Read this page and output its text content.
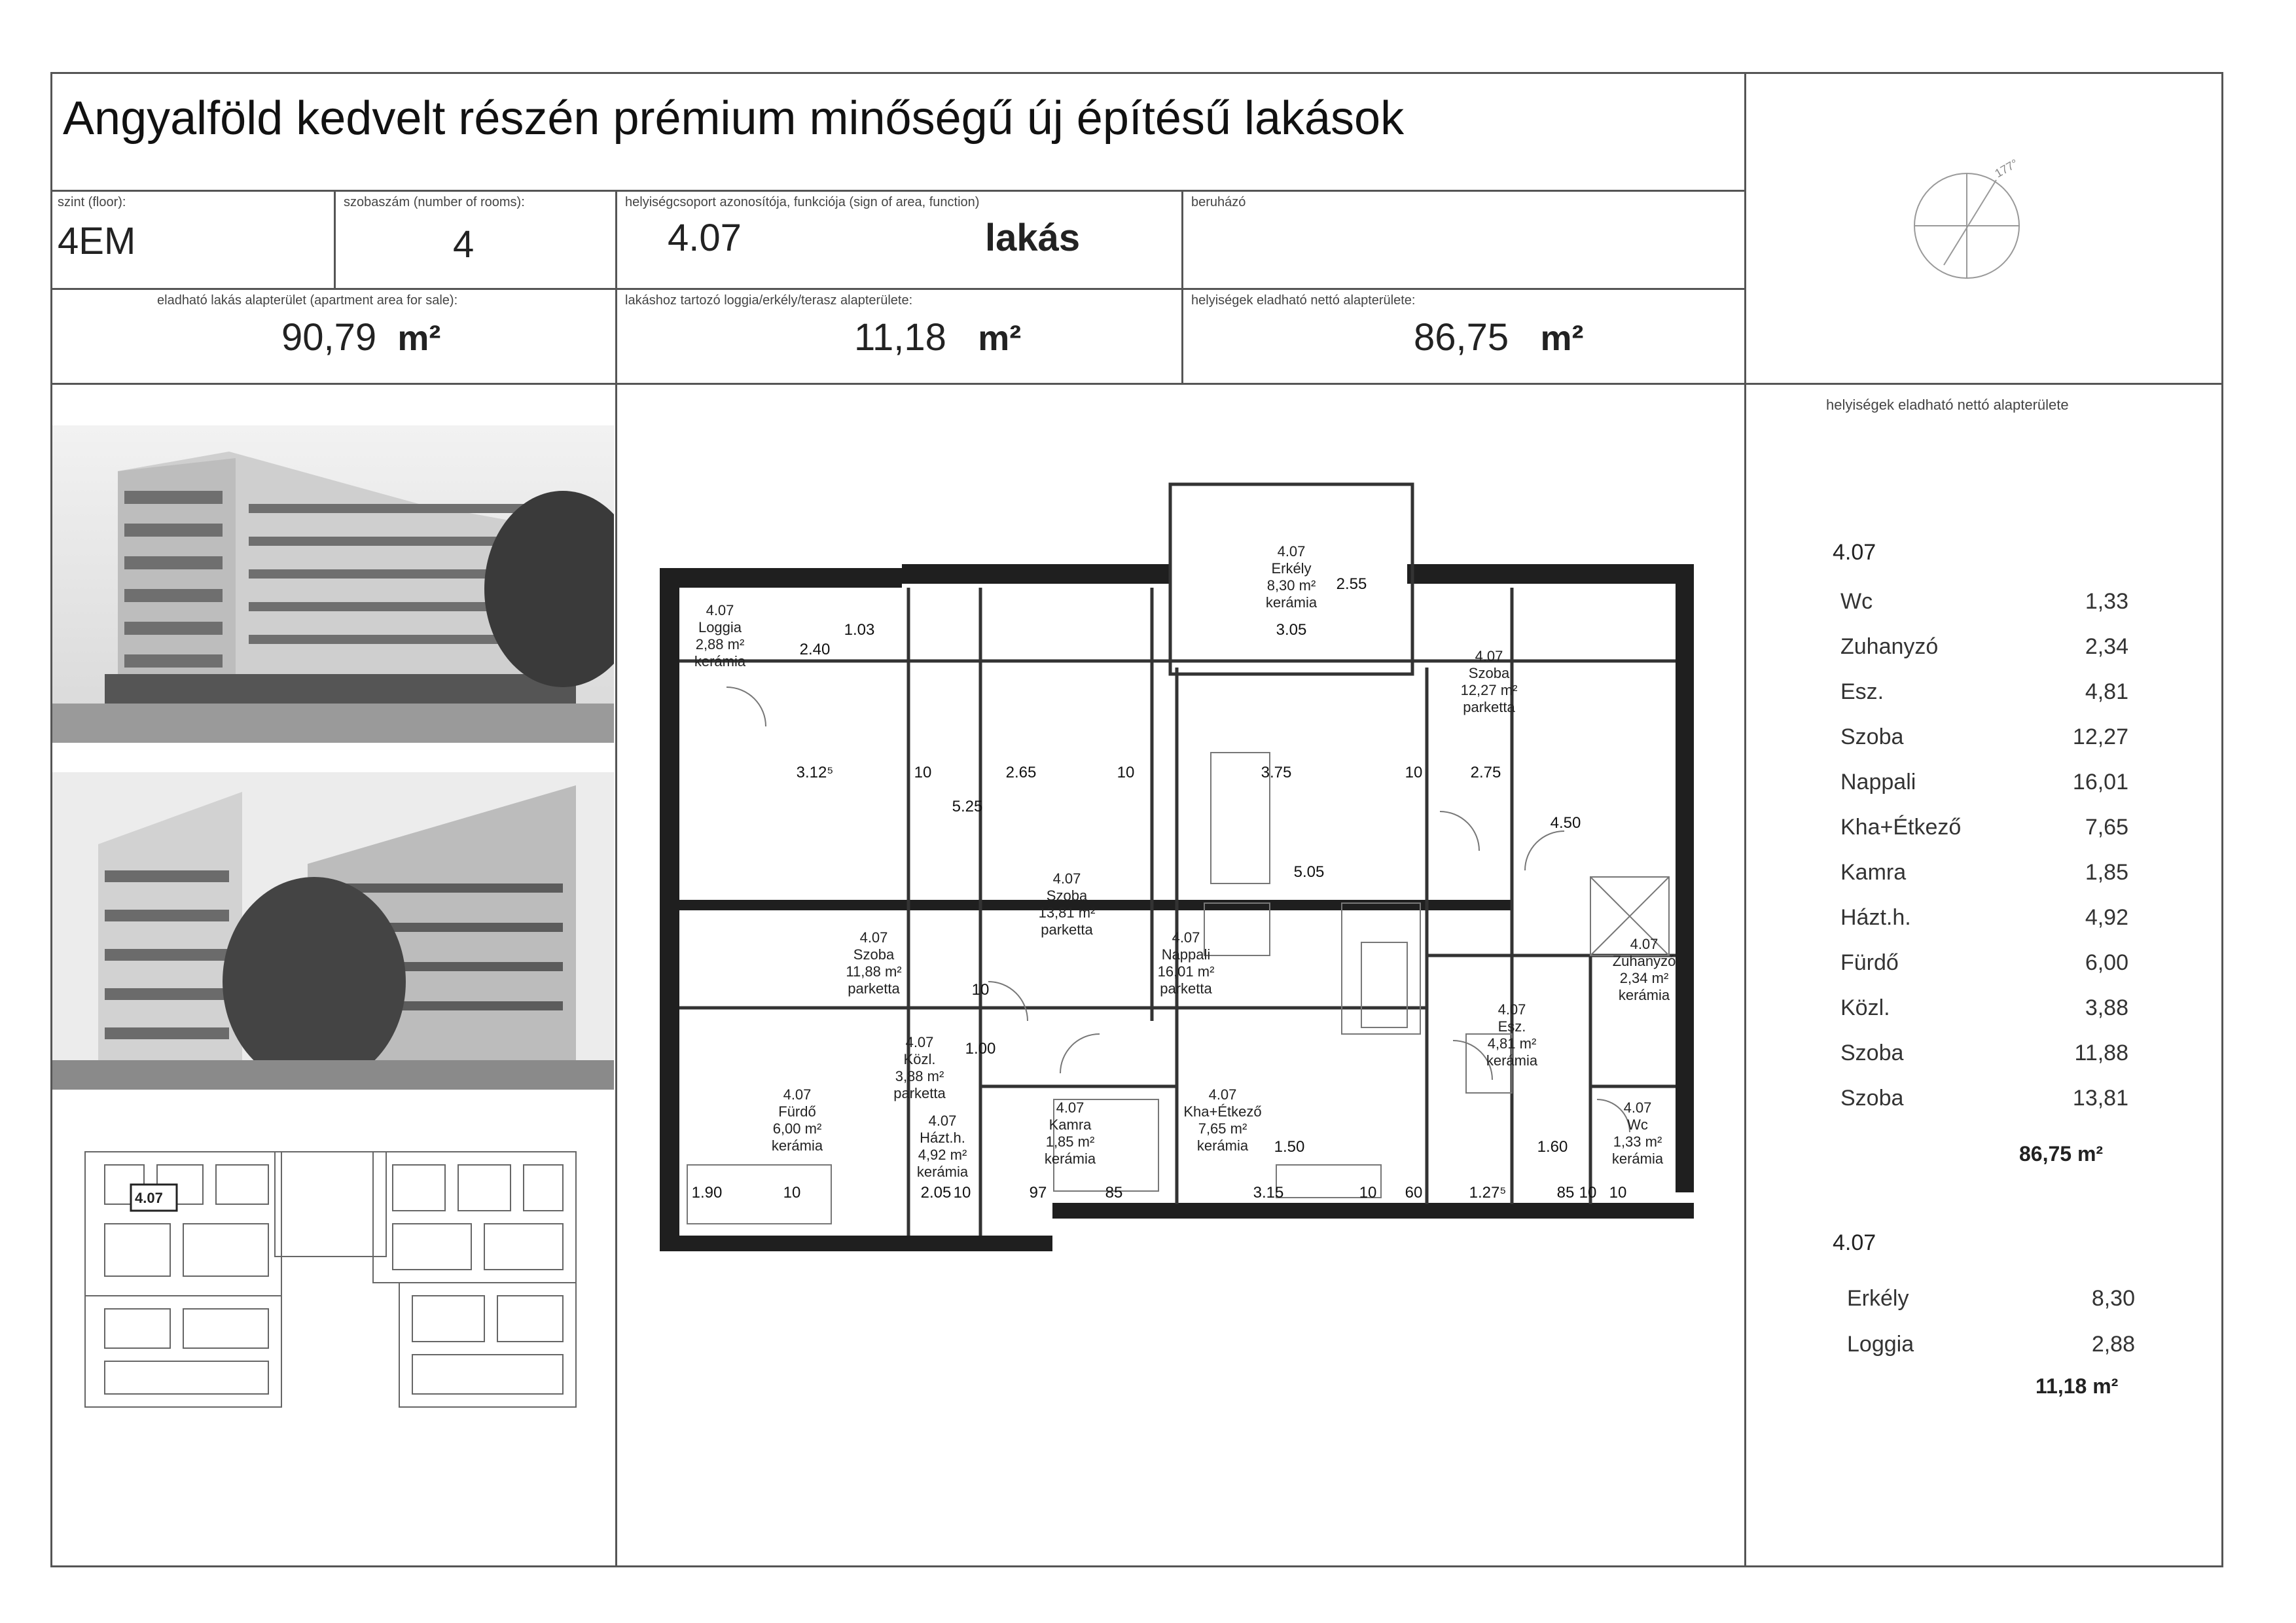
Angyalföld kedvelt részén prémium minőségű új építésű lakások
szint (floor):
4EM
szobaszám (number of rooms):
4
helyiségcsoport azonosítója, funkciója (sign of area, function)
4.07	lakás
beruházó
eladható lakás alapterület (apartment area for sale):
90,79 m²
lakáshoz tartozó loggia/erkély/terasz alapterülete:
11,18 m²
helyiségek eladható nettó alapterülete:
86,75 m²
177°
4.07
4.07
Loggia
2,88 m²
kerámia
4.07
Erkély
8,30 m²
kerámia
4.07
Szoba
12,27 m²
parketta
4.07
Szoba
13,81 m²
parketta
4.07
Szoba
11,88 m²
parketta
4.07
Nappali
16,01 m²
parketta
4.07
Közl.
3,88 m²
parketta
4.07
Fürdő
6,00 m²
kerámia
4.07
Házt.h.
4,92 m²
kerámia
4.07
Kamra
1,85 m²
kerámia
4.07
Kha+Étkező
7,65 m²
kerámia
4.07
Esz.
4,81 m²
kerámia
4.07
Zuhanyzó
2,34 m²
kerámia
4.07
Wc
1,33 m²
kerámia
2.40
1.03	3.05
2.55
3.12⁵	10	2.65	10	3.75	10	2.75
5.25
5.05
4.50
1.00
10
1.50
1.90	10	2.05 10	97	85	3.15	10 60	1.27⁵	85 10
1.60
10
helyiségek eladható nettó alapterülete
4.07
Wc	1,33
Zuhanyzó	2,34
Esz.	4,81
Szoba	12,27
Nappali	16,01
Kha+Étkező	7,65
Kamra	1,85
Házt.h.	4,92
Fürdő	6,00
Közl.	3,88
Szoba	11,88
Szoba	13,81
86,75 m²
4.07
Erkély	8,30
Loggia	2,88
11,18 m²
